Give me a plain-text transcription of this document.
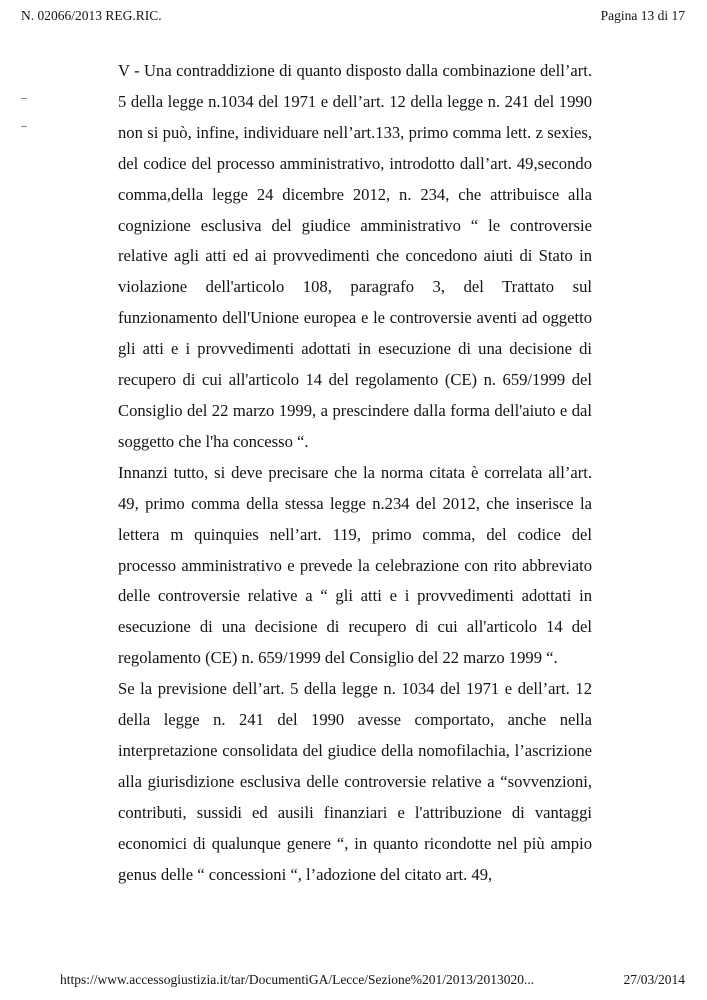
N. 02066/2013 REG.RIC.	Pagina 13 di 17

V - Una contraddizione di quanto disposto dalla combinazione dell’art. 5 della legge n.1034 del 1971 e dell’art. 12 della legge n. 241 del 1990 non si può, infine, individuare nell’art.133, primo comma lett. z sexies, del codice del processo amministrativo, introdotto dall’art. 49,secondo comma,della legge 24 dicembre 2012, n. 234, che attribuisce alla cognizione esclusiva del giudice amministrativo “ le controversie relative agli atti ed ai provvedimenti che concedono aiuti di Stato in violazione dell'articolo 108, paragrafo 3, del Trattato sul funzionamento dell'Unione europea e le controversie aventi ad oggetto gli atti e i provvedimenti adottati in esecuzione di una decisione di recupero di cui all'articolo 14 del regolamento (CE) n. 659/1999 del Consiglio del 22 marzo 1999, a prescindere dalla forma dell'aiuto e dal soggetto che l'ha concesso “.

Innanzi tutto, si deve precisare che la norma citata è correlata all’art. 49, primo comma della stessa legge n.234 del 2012, che inserisce la lettera m quinquies nell’art. 119, primo comma, del codice del processo amministrativo e prevede la celebrazione con rito abbreviato delle controversie relative a “ gli atti e i provvedimenti adottati in esecuzione di una decisione di recupero di cui all'articolo 14 del regolamento (CE) n. 659/1999 del Consiglio del 22 marzo 1999 “.

Se la previsione dell’art. 5 della legge n. 1034 del 1971 e dell’art. 12 della legge n. 241 del 1990 avesse comportato, anche nella interpretazione consolidata del giudice della nomofilachia, l’ascrizione alla giurisdizione esclusiva delle controversie relative a “sovvenzioni, contributi, sussidi ed ausili finanziari e l'attribuzione di vantaggi economici di qualunque genere “, in quanto ricondotte nel più ampio genus delle “ concessioni “, l’adozione del citato art. 49,

https://www.accessogiustizia.it/tar/DocumentiGA/Lecce/Sezione%201/2013/2013020...	27/03/2014
